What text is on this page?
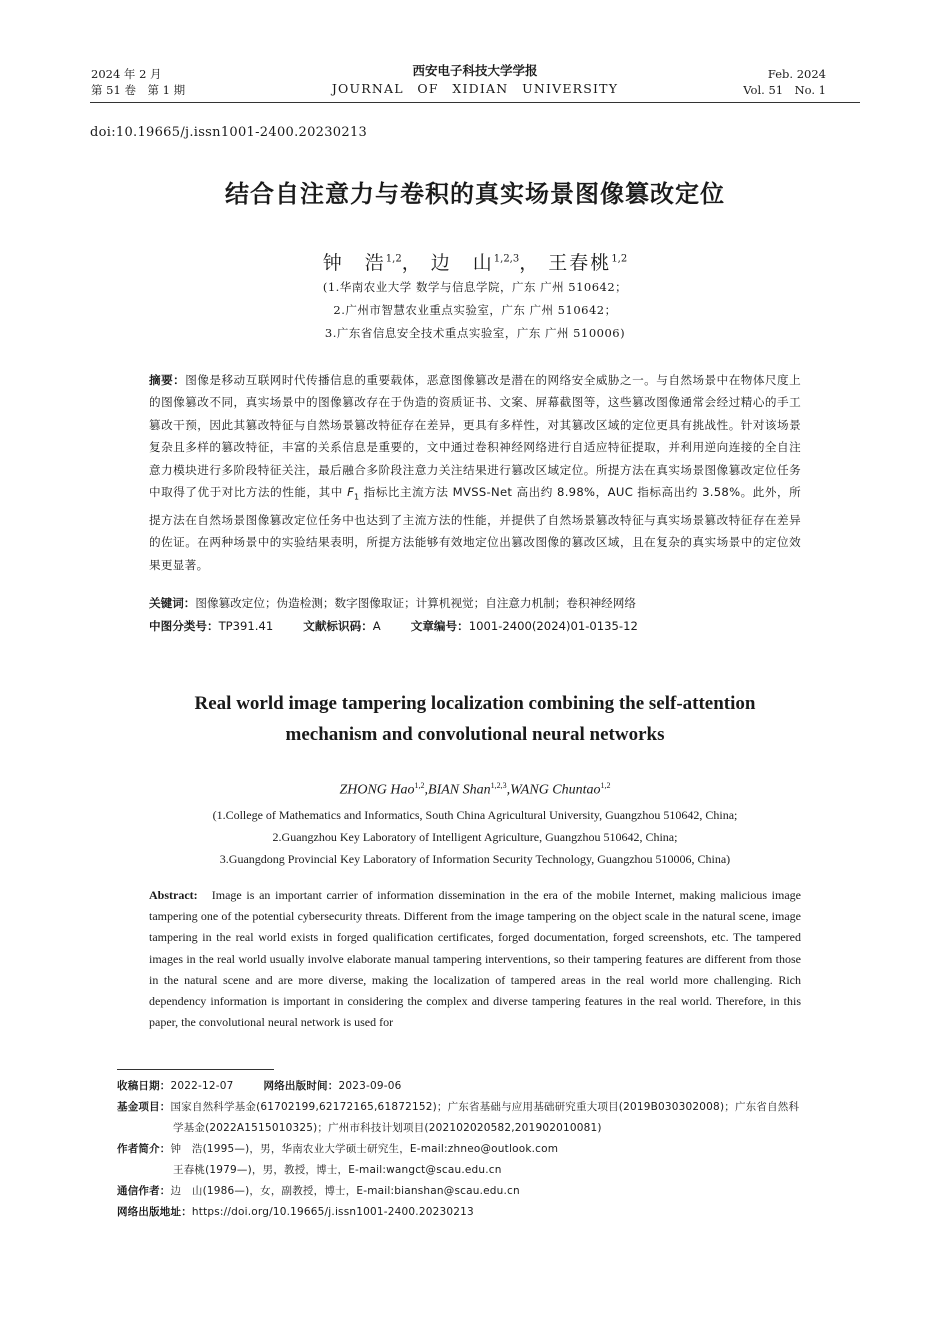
2024 年 2 月
第 51 卷　第 1 期
西安电子科技大学学报
JOURNAL　OF　XIDIAN　UNIVERSITY
Feb. 2024
Vol. 51　No. 1
doi:10.19665/j.issn1001-2400.20230213
结合自注意力与卷积的真实场景图像篡改定位
钟　浩$^{1,2}$， 边　山$^{1,2,3}$， 王春桃$^{1,2}$
(1.华南农业大学 数学与信息学院，广东 广州 510642；
2.广州市智慧农业重点实验室，广东 广州 510642；
3.广东省信息安全技术重点实验室，广东 广州 510006)
摘要：图像是移动互联网时代传播信息的重要载体，恶意图像篡改是潜在的网络安全威胁之一。与自然场景中在物体尺度上的图像篡改不同，真实场景中的图像篡改存在于伪造的资质证书、文案、屏幕截图等，这些篡改图像通常会经过精心的手工篡改干预，因此其篡改特征与自然场景篡改特征存在差异，更具有多样性，对其篡改区域的定位更具有挑战性。针对该场景复杂且多样的篡改特征，丰富的关系信息是重要的，文中通过卷积神经网络进行自适应特征提取，并利用逆向连接的全自注意力模块进行多阶段特征关注，最后融合多阶段注意力关注结果进行篡改区域定位。所提方法在真实场景图像篡改定位任务中取得了优于对比方法的性能，其中 $F_1$ 指标比主流方法 MVSS-Net 高出约 8.98%，AUC 指标高出约 3.58%。此外，所提方法在自然场景图像篡改定位任务中也达到了主流方法的性能，并提供了自然场景篡改特征与真实场景篡改特征存在差异的佐证。在两种场景中的实验结果表明，所提方法能够有效地定位出篡改图像的篡改区域，且在复杂的真实场景中的定位效果更显著。
关键词：图像篡改定位；伪造检测；数字图像取证；计算机视觉；自注意力机制；卷积神经网络
中图分类号：TP391.41	文献标识码：A	文章编号：1001-2400(2024)01-0135-12
Real world image tampering localization combining the self-attention
mechanism and convolutional neural networks
ZHONG Hao$^{1,2}$,BIAN Shan$^{1,2,3}$,WANG Chuntao$^{1,2}$
(1.College of Mathematics and Informatics, South China Agricultural University, Guangzhou 510642, China;
2.Guangzhou Key Laboratory of Intelligent Agriculture, Guangzhou 510642, China;
3.Guangdong Provincial Key Laboratory of Information Security Technology, Guangzhou 510006, China)
Abstract: Image is an important carrier of information dissemination in the era of the mobile Internet, making malicious image tampering one of the potential cybersecurity threats. Different from the image tampering on the object scale in the natural scene, image tampering in the real world exists in forged qualification certificates, forged documentation, forged screenshots, etc. The tampered images in the real world usually involve elaborate manual tampering interventions, so their tampering features are different from those in the natural scene and are more diverse, making the localization of tampered areas in the real world more challenging. Rich dependency information is important in considering the complex and diverse tampering features in the real world. Therefore, in this paper, the convolutional neural network is used for
收稿日期：2022-12-07	网络出版时间：2023-09-06
基金项目：国家自然科学基金(61702199,62172165,61872152)；广东省基础与应用基础研究重大项目(2019B030302008)；广东省自然科
学基金(2022A1515010325)；广州市科技计划项目(202102020582,201902010081)
作者简介：钟　浩(1995—)，男，华南农业大学硕士研究生，E-mail:zhneo@outlook.com
王春桃(1979—)，男，教授，博士，E-mail:wangct@scau.edu.cn
通信作者：边　山(1986—)，女，副教授，博士，E-mail:bianshan@scau.edu.cn
网络出版地址：https://doi.org/10.19665/j.issn1001-2400.20230213
